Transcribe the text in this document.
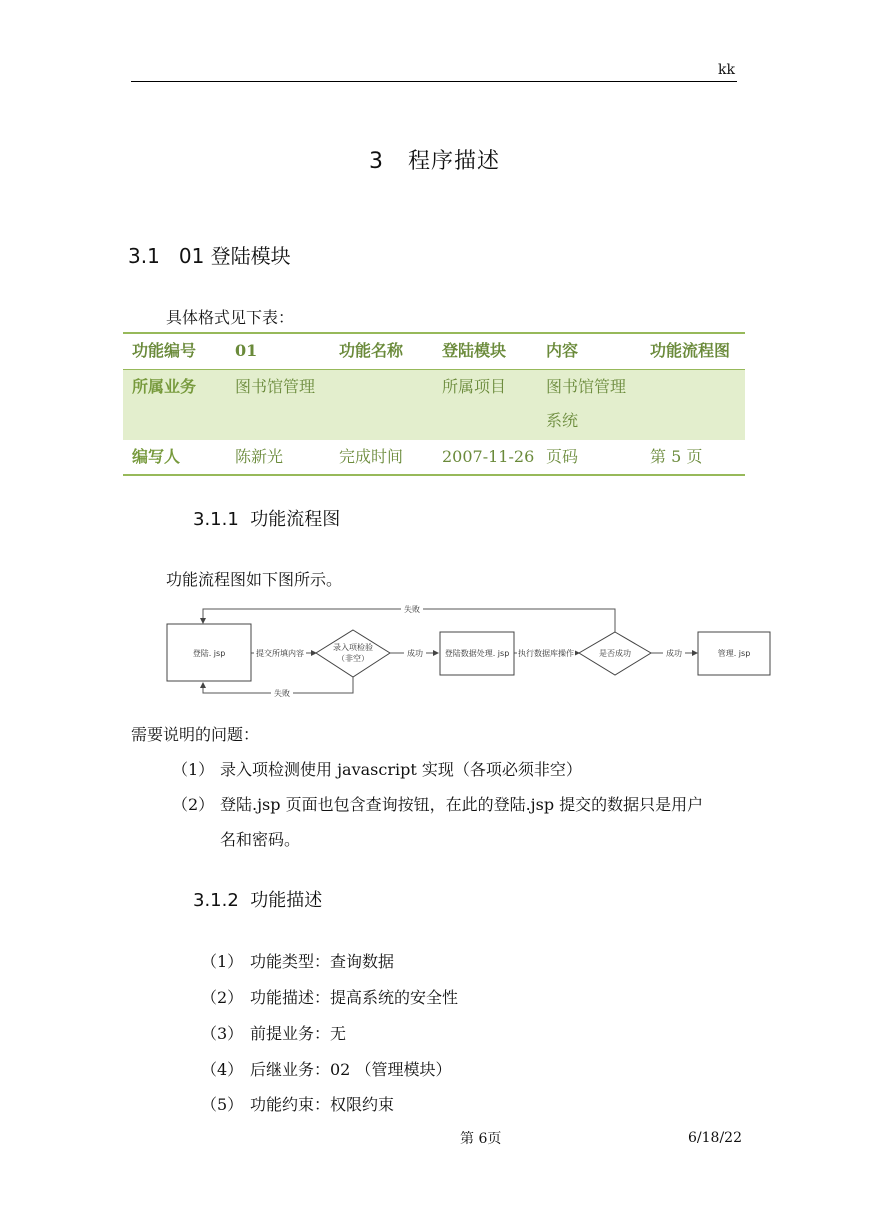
kk
3   程序描述
3.1   01 登陆模块
具体格式见下表：
功能编号	01	功能名称	登陆模块	内容	功能流程图
所属业务	图书馆管理		所属项目	图书馆管理系统	
编写人	陈新光	完成时间	2007-11-26	页码	第 5 页
3.1.1  功能流程图
功能流程图如下图所示。
登陆. jsp
录入项检验
（非空）
登陆数据处理. jsp	是否成功	管理. jsp
提交所填内容	成功	执行数据库操作	成功
失败
失败
需要说明的问题：
（1） 录入项检测使用 javascript 实现（各项必须非空）
（2） 登陆.jsp 页面也包含查询按钮，在此的登陆.jsp 提交的数据只是用户
名和密码。
3.1.2  功能描述
（1） 功能类型：查询数据
（2） 功能描述：提高系统的安全性
（3） 前提业务：无
（4） 后继业务：02 （管理模块）
（5） 功能约束：权限约束
第 6页	6/18/22
